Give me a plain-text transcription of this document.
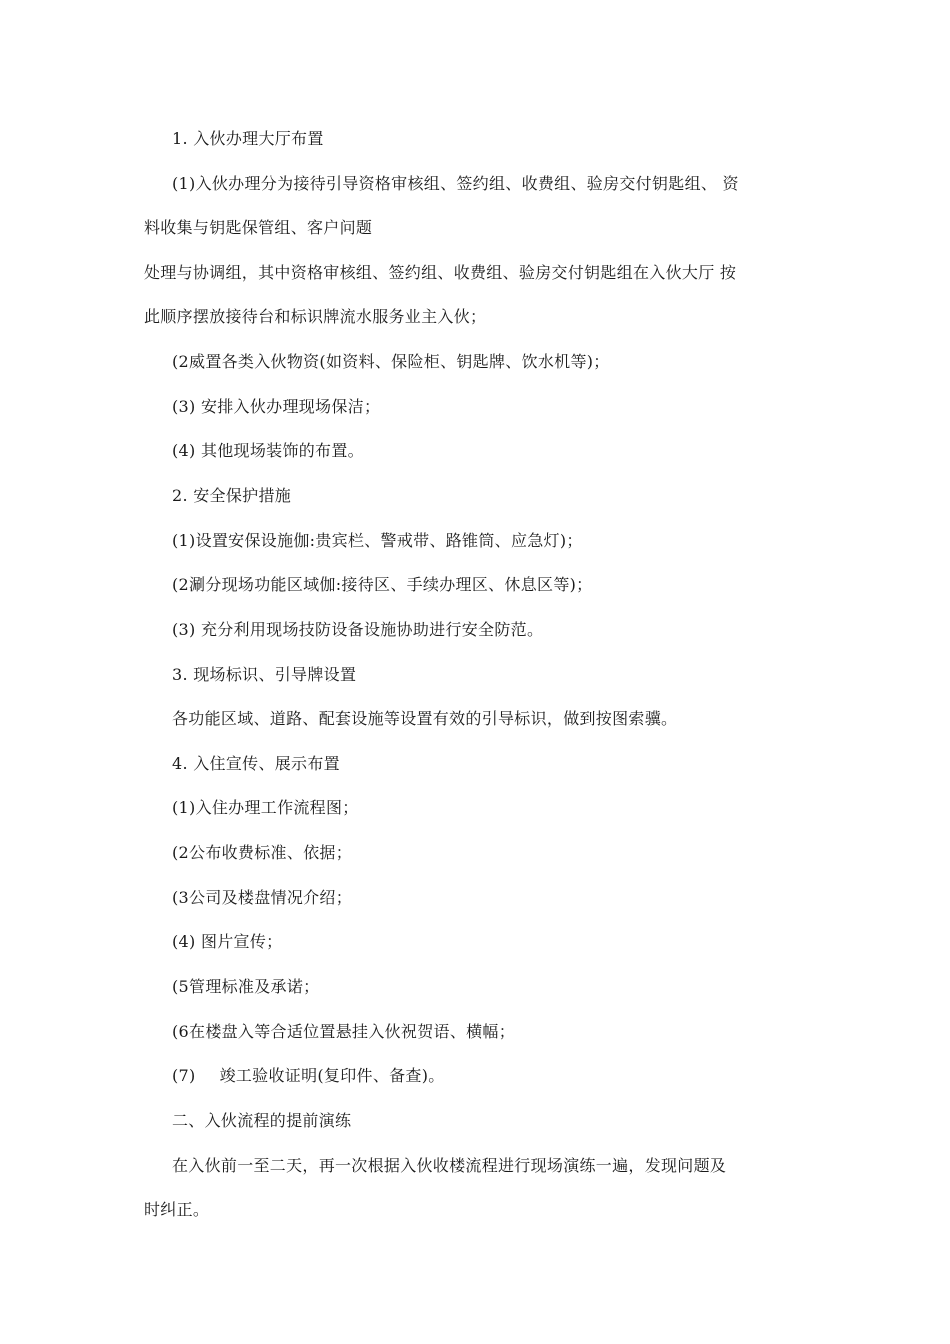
1. 入伙办理大厅布置
(1)入伙办理分为接待引导资格审核组、签约组、收费组、验房交付钥匙组、 资
料收集与钥匙保管组、客户问题
处理与协调组，其中资格审核组、签约组、收费组、验房交付钥匙组在入伙大厅 按
此顺序摆放接待台和标识牌流水服务业主入伙；
(2威置各类入伙物资(如资料、保险柜、钥匙牌、饮水机等)；
(3) 安排入伙办理现场保洁；
(4) 其他现场装饰的布置。
2. 安全保护措施
(1)设置安保设施伽:贵宾栏、警戒带、路锥筒、应急灯)；
(2涮分现场功能区域伽:接待区、手续办理区、休息区等)；
(3) 充分利用现场技防设备设施协助进行安全防范。
3. 现场标识、引导牌设置
各功能区域、道路、配套设施等设置有效的引导标识，做到按图索骥。
4. 入住宣传、展示布置
(1)入住办理工作流程图；
(2公布收费标准、依据；
(3公司及楼盘情况介绍；
(4) 图片宣传；
(5管理标准及承诺；
(6在楼盘入等合适位置悬挂入伙祝贺语、横幅；
(7) 竣工验收证明(复印件、备查)。
二、入伙流程的提前演练
在入伙前一至二天，再一次根据入伙收楼流程进行现场演练一遍，发现问题及
时纠正。
